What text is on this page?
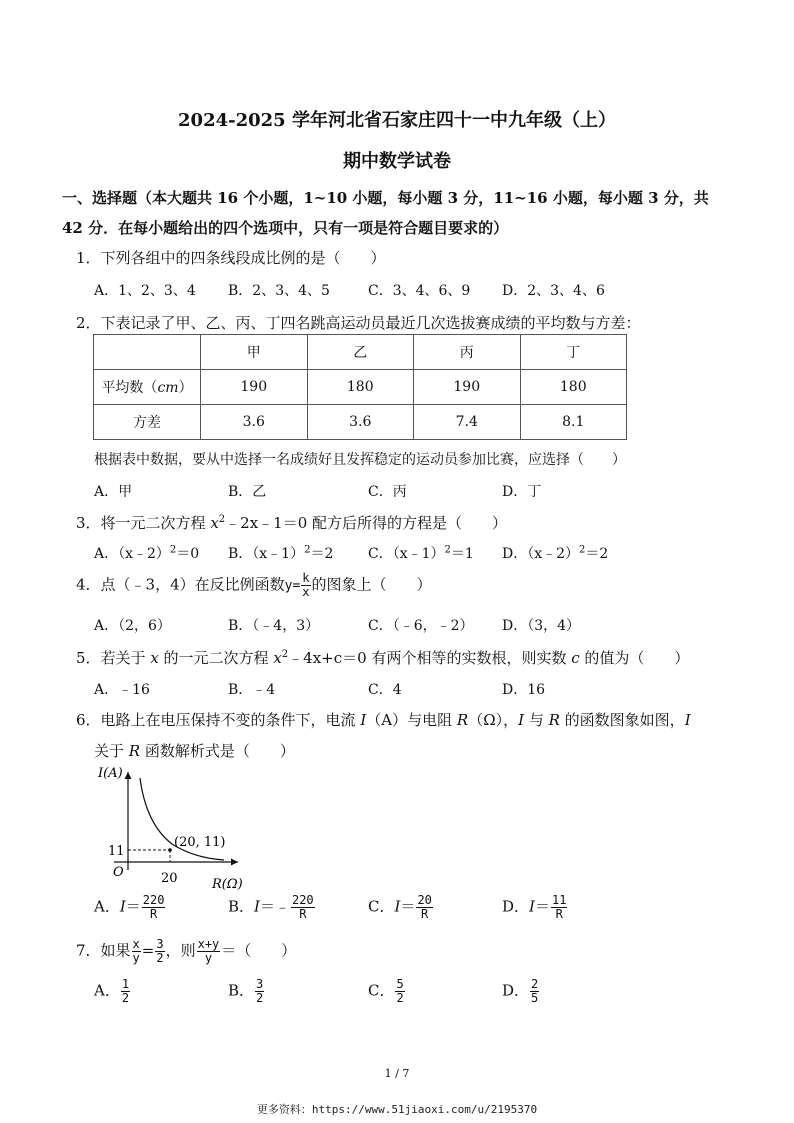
2024-2025 学年河北省石家庄四十一中九年级（上）
期中数学试卷
一、选择题（本大题共 16 个小题，1~10 小题，每小题 3 分，11~16 小题，每小题 3 分，共
42 分．在每小题给出的四个选项中，只有一项是符合题目要求的）
1．下列各组中的四条线段成比例的是（　　）
A．1、2、3、4 B．2、3、4、5	C．3、4、6、9 D．2、3、4、6
2．下表记录了甲、乙、丙、丁四名跳高运动员最近几次选拔赛成绩的平均数与方差：
	甲	乙	丙	丁
平均数（cm）	190	180	190	180
方差	3.6	3.6	7.4	8.1
根据表中数据，要从中选择一名成绩好且发挥稳定的运动员参加比赛，应选择（　　）
A．甲	B．乙	C．丙	D．丁
3．将一元二次方程 $x^2﹣2x﹣1=0$ 配方后所得的方程是（　　）
A．（x﹣2）$^2$＝0 B．（x﹣1）$^2$＝2 C．（x﹣1）$^2$＝1 D．（x﹣2）$^2$＝2
4．点（﹣3，4）在反比例函数$y= \frac{k}{x}$ 的图象上（　　）
A．（2，6）	B．（﹣4，3）	C．（﹣6，﹣2） D．（3，4）
5．若关于 x 的一元二次方程 $x^2﹣4x+c=0$ 有两个相等的实数根，则实数 c 的值为（　　）
A．﹣16	B．﹣4	C．4	D．16
6．电路上在电压保持不变的条件下，电流 I（A）与电阻 R（Ω），I 与 R 的函数图象如图，I
关于 R 函数解析式是（　　）
I(A)
(20, 11)
11
O	20	R(Ω)
A．$I= \frac{220}{R}$	B．I＝﹣ $\frac{220}{R}$	C．$I= \frac{20}{R}$	D．$I= \frac{11}{R}$
7．如果 $\frac{x}{y} = \frac{3}{2}$ ，则 $\frac{x+y}{y}$ ＝（　　）
A． $\frac{1}{2}$	B． $\frac{3}{2}$	C． $\frac{5}{2}$	D． $\frac{2}{5}$
1 / 7
更多资料：https://www.51jiaoxi.com/u/2195370
